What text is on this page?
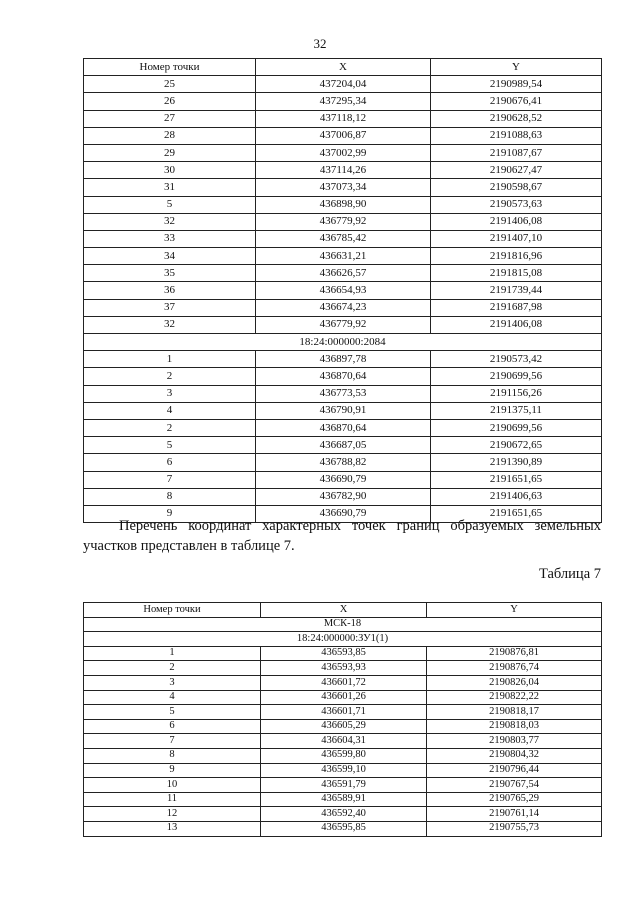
32
Номер точки	X	Y
25	437204,04	2190989,54
26	437295,34	2190676,41
27	437118,12	2190628,52
28	437006,87	2191088,63
29	437002,99	2191087,67
30	437114,26	2190627,47
31	437073,34	2190598,67
5	436898,90	2190573,63
32	436779,92	2191406,08
33	436785,42	2191407,10
34	436631,21	2191816,96
35	436626,57	2191815,08
36	436654,93	2191739,44
37	436674,23	2191687,98
32	436779,92	2191406,08
18:24:000000:2084		
1	436897,78	2190573,42
2	436870,64	2190699,56
3	436773,53	2191156,26
4	436790,91	2191375,11
2	436870,64	2190699,56
5	436687,05	2190672,65
6	436788,82	2191390,89
7	436690,79	2191651,65
8	436782,90	2191406,63
9	436690,79	2191651,65
Перечень координат характерных точек границ образуемых земельных участков представлен в таблице 7.
Таблица 7
Номер точки	X	Y
МСК-18		
18:24:000000:ЗУ1(1)		
1	436593,85	2190876,81
2	436593,93	2190876,74
3	436601,72	2190826,04
4	436601,26	2190822,22
5	436601,71	2190818,17
6	436605,29	2190818,03
7	436604,31	2190803,77
8	436599,80	2190804,32
9	436599,10	2190796,44
10	436591,79	2190767,54
11	436589,91	2190765,29
12	436592,40	2190761,14
13	436595,85	2190755,73
